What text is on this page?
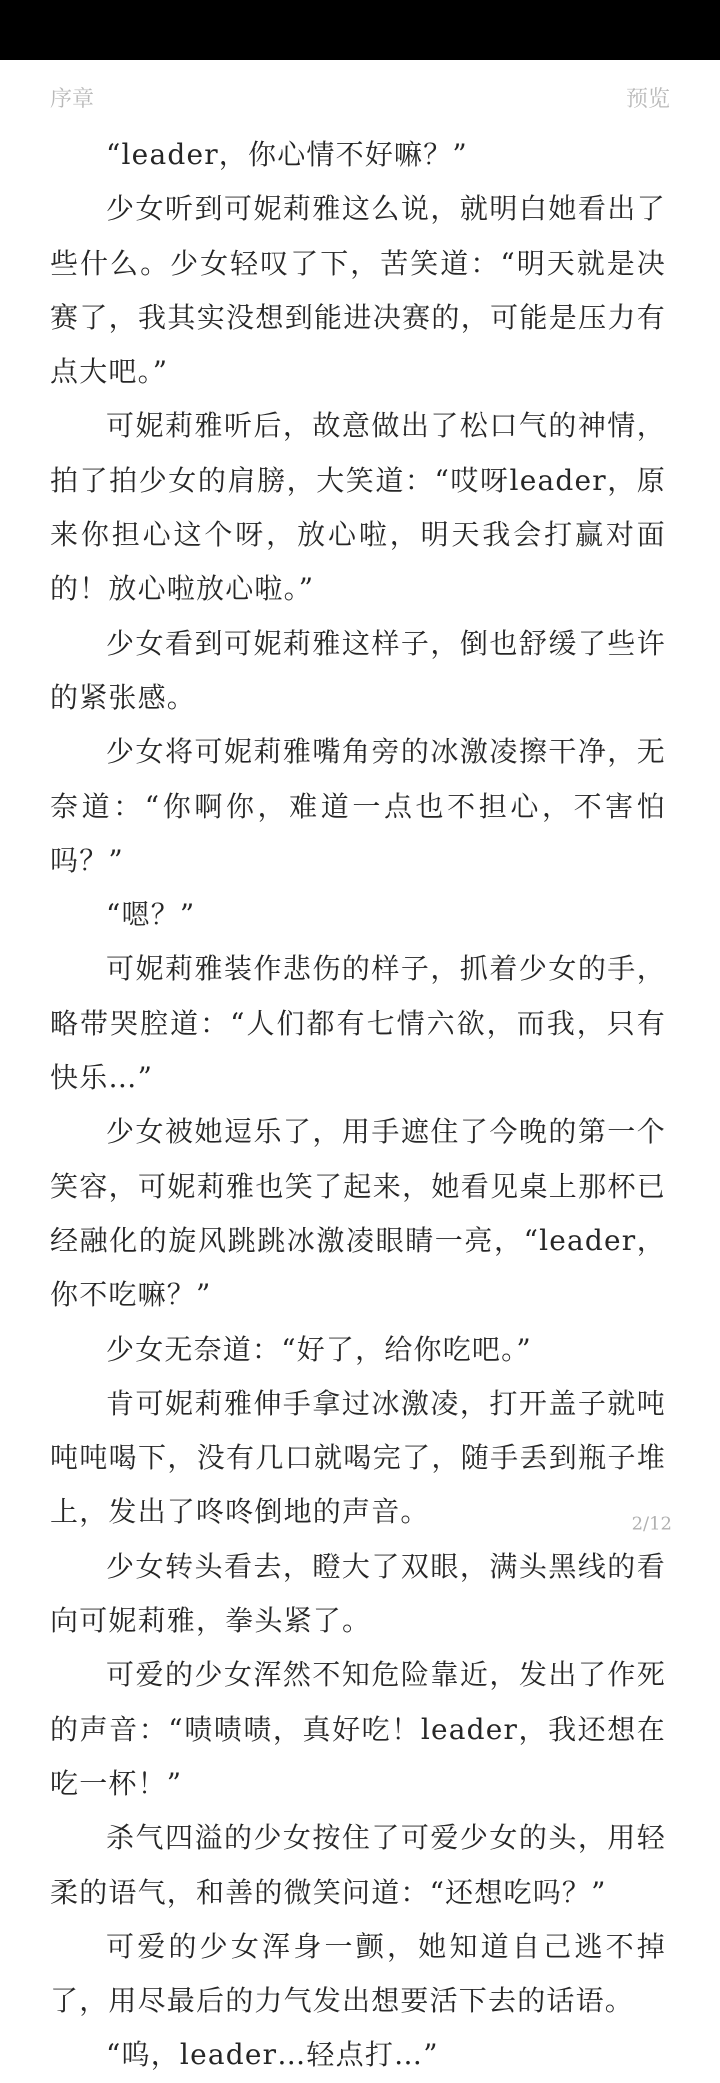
序章	预览

“leader，你心情不好嘛？”

少女听到可妮莉雅这么说，就明白她看出了些什么。少女轻叹了下，苦笑道：“明天就是决赛了，我其实没想到能进决赛的，可能是压力有点大吧。”

可妮莉雅听后，故意做出了松口气的神情，拍了拍少女的肩膀，大笑道：“哎呀leader，原来你担心这个呀，放心啦，明天我会打赢对面的！放心啦放心啦。”

少女看到可妮莉雅这样子，倒也舒缓了些许的紧张感。

少女将可妮莉雅嘴角旁的冰激凌擦干净，无奈道：“你啊你，难道一点也不担心，不害怕吗？”

“嗯？”

可妮莉雅装作悲伤的样子，抓着少女的手，略带哭腔道：“人们都有七情六欲，而我，只有快乐…”

少女被她逗乐了，用手遮住了今晚的第一个笑容，可妮莉雅也笑了起来，她看见桌上那杯已经融化的旋风跳跳冰激凌眼睛一亮，“leader，你不吃嘛？”

少女无奈道：“好了，给你吃吧。”

肯可妮莉雅伸手拿过冰激凌，打开盖子就吨吨吨喝下，没有几口就喝完了，随手丢到瓶子堆上，发出了咚咚倒地的声音。

少女转头看去，瞪大了双眼，满头黑线的看向可妮莉雅，拳头紧了。

可爱的少女浑然不知危险靠近，发出了作死的声音：“啧啧啧，真好吃！leader，我还想在吃一杯！”

杀气四溢的少女按住了可爱少女的头，用轻柔的语气，和善的微笑问道：“还想吃吗？”

可爱的少女浑身一颤，她知道自己逃不掉了，用尽最后的力气发出想要活下去的话语。

“呜，leader…轻点打…”

2/12
